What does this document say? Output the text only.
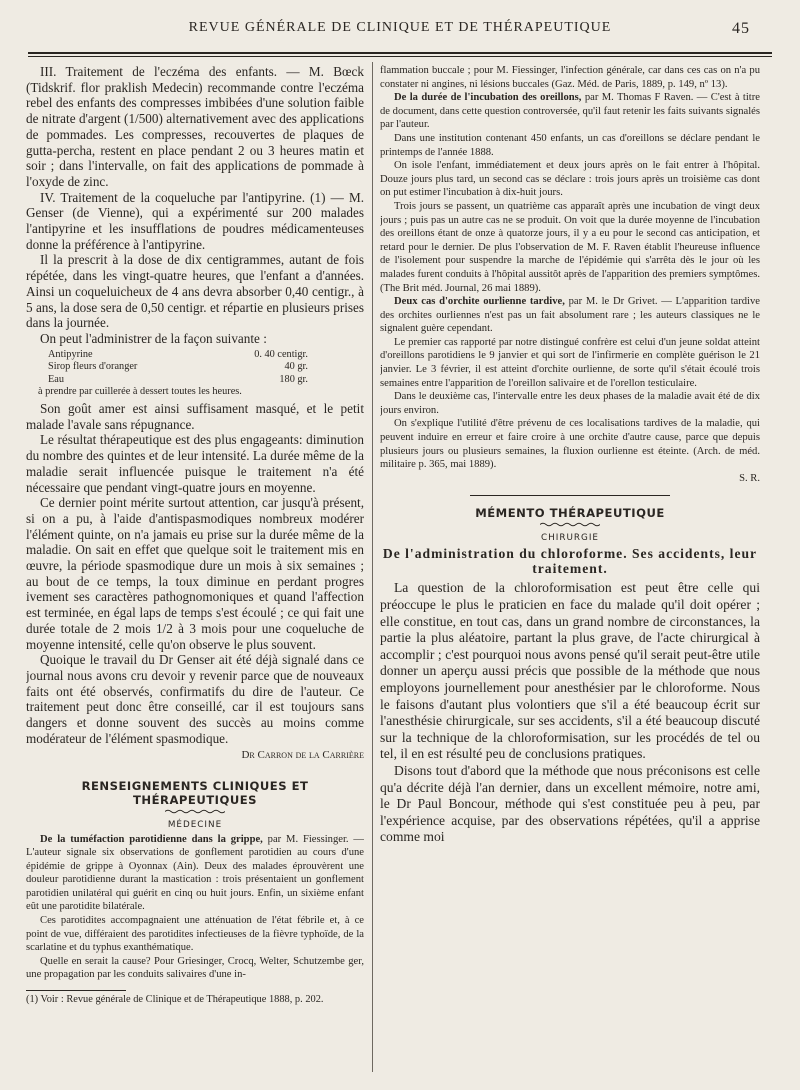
REVUE GÉNÉRALE DE CLINIQUE ET DE THÉRAPEUTIQUE	45

III. Traitement de l'eczéma des enfants. — M. Bœck (Tidskrif. flor praklish Medecin) recommande contre l'eczéma rebel des enfants des compresses imbibées d'une solution faible de nitrate d'argent (1/500) alternativement avec des applications de pommades. Les compresses, recouvertes de plaques de gutta-percha, restent en place pendant 2 ou 3 heures matin et soir ; dans l'intervalle, on fait des applications de pommade à l'oxyde de zinc.

IV. Traitement de la coqueluche par l'antipyrine. (1) — M. Genser (de Vienne), qui a expérimenté sur 200 malades l'antipyrine et les insufflations de poudres médicamenteuses donne la préférence à l'antipyrine.

Il la prescrit à la dose de dix centigrammes, autant de fois répétée, dans les vingt-quatre heures, que l'enfant a d'années. Ainsi un coqueluicheux de 4 ans devra absorber 0,40 centigr., à 5 ans, la dose sera de 0,50 centigr. et répartie en plusieurs prises dans la journée.

On peut l'administrer de la façon suivante :

Antipyrine	0. 40 centigr.
Sirop fleurs d'oranger	40 gr.
Eau	180 gr.
à prendre par cuillerée à dessert toutes les heures.

Son goût amer est ainsi suffisament masqué, et le petit malade l'avale sans répugnance.

Le résultat thérapeutique est des plus engageants: diminution du nombre des quintes et de leur intensité. La durée même de la maladie serait influencée puisque le traitement n'a été nécessaire que pendant vingt-quatre jours en moyenne.

Ce dernier point mérite surtout attention, car jusqu'à présent, si on a pu, à l'aide d'antispasmodiques nombreux modérer l'élément quinte, on n'a jamais eu prise sur la durée même de la maladie. On sait en effet que quelque soit le traitement mis en œuvre, la période spasmodique dure un mois à six semaines ; au bout de ce temps, la toux diminue en perdant progres ivement ses caractères pathognomoniques et quand l'affection est terminée, en égal laps de temps s'est écoulé ; ce qui fait une durée totale de 2 mois 1/2 à 3 mois pour une coqueluche de moyenne intensité, celle qu'on observe le plus souvent.

Quoique le travail du Dr Genser ait été déjà signalé dans ce journal nous avons cru devoir y revenir parce que de nouveaux faits ont été observés, confirmatifs du dire de l'auteur. Ce traitement peut donc être conseillé, car il est toujours sans dangers et donne souvent des succès au moins comme modérateur de l'élément spasmodique.

Dr Carron de la Carrière
RENSEIGNEMENTS CLINIQUES ET THÉRAPEUTIQUES
MÉDECINE

De la tuméfaction parotidienne dans la grippe, par M. Fiessinger. — L'auteur signale six observations de gonflement parotidien au cours d'une épidémie de grippe à Oyonnax (Ain). Deux des malades éprouvèrent une douleur parotidienne durant la mastication : trois présentaient un gonflement parotidien unilatéral qui guérit en cinq ou huit jours. Enfin, un sixième enfant eût une parotidite bilatérale.

Ces parotidites accompagnaient une atténuation de l'état fébrile et, à ce point de vue, différaient des parotidites infectieuses de la fièvre typhoïde, de la scarlatine et du typhus exanthématique.

Quelle en serait la cause? Pour Griesinger, Crocq, Welter, Schutzembe ger, une propagation par les conduits salivaires d'une in-

(1) Voir : Revue générale de Clinique et de Thérapeutique 1888, p. 202.

flammation buccale ; pour M. Fiessinger, l'infection générale, car dans ces cas on n'a pu constater ni angines, ni lésions buccales (Gaz. Méd. de Paris, 1889, p. 149, nº 13).

De la durée de l'incubation des oreillons, par M. Thomas F Raven. — C'est à titre de document, dans cette question controversée, qu'il faut retenir les faits suivants signalés par l'auteur.

Dans une institution contenant 450 enfants, un cas d'oreillons se déclare pendant le printemps de l'année 1888.

On isole l'enfant, immédiatement et deux jours après on le fait entrer à l'hôpital. Douze jours plus tard, un second cas se déclare : trois jours après un troisième cas dont on put estimer l'incubation à dix-huit jours.

Trois jours se passent, un quatrième cas apparaît après une incubation de vingt deux jours ; puis pas un autre cas ne se produit. On voit que la durée moyenne de l'incubation des oreillons étant de onze à quatorze jours, il y a eu pour le second cas anticipation, et retard pour le dernier. De plus l'observation de M. F. Raven établit l'heureuse influence de l'isolement pour suspendre la marche de l'épidémie qui s'arrêta dès le jour où les malades furent conduits à l'hôpital aussitôt après de l'apparition des premiers symptômes. (The Brit méd. Journal, 26 mai 1889).

Deux cas d'orchite ourlienne tardive, par M. le Dr Grivet. — L'apparition tardive des orchites ourliennes n'est pas un fait absolument rare ; les auteurs classiques ne le signalent guère cependant.

Le premier cas rapporté par notre distingué confrère est celui d'un jeune soldat atteint d'oreillons parotidiens le 9 janvier et qui sort de l'infirmerie en complète guérison le 21 janvier. Le 3 février, il est atteint d'orchite ourlienne, de sorte qu'il s'était écoulé trois semaines entre l'apparition de l'oreillon salivaire et de l'orellon testiculaire.

Dans le deuxième cas, l'intervalle entre les deux phases de la maladie avait été de dix jours environ.

On s'explique l'utilité d'être prévenu de ces localisations tardives de la maladie, qui peuvent induire en erreur et faire croire à une orchite d'autre cause, parce que depuis plusieurs jours ou plusieurs semaines, la fluxion ourlienne est éteinte. (Arch. de méd. militaire p. 365, mai 1889).

S. R.
MÉMENTO THÉRAPEUTIQUE
CHIRURGIE
De l'administration du chloroforme. Ses accidents, leur traitement.

La question de la chloroformisation est peut être celle qui préoccupe le plus le praticien en face du malade qu'il doit opérer ; elle constitue, en tout cas, dans un grand nombre de circonstances, la partie la plus aléatoire, partant la plus grave, de l'acte chirurgical à accomplir ; c'est pourquoi nous avons pensé qu'il serait peut-être utile donner un aperçu aussi précis que possible de la méthode que nous employons journellement pour anesthésier par le chloroforme. Nous le faisons d'autant plus volontiers que s'il a été beaucoup écrit sur l'anesthésie chirurgicale, sur ses accidents, s'il a été beaucoup discuté sur la technique de la chloroformisation, sur les procédés de tel ou tel, il en est résulté peu de conclusions pratiques.

Disons tout d'abord que la méthode que nous préconisons est celle qu'a décrite déjà l'an dernier, dans un excellent mémoire, notre ami, le Dr Paul Boncour, méthode qui s'est constituée peu à peu, par l'expérience acquise, par des observations répétées, qu'il a apprise comme moi
